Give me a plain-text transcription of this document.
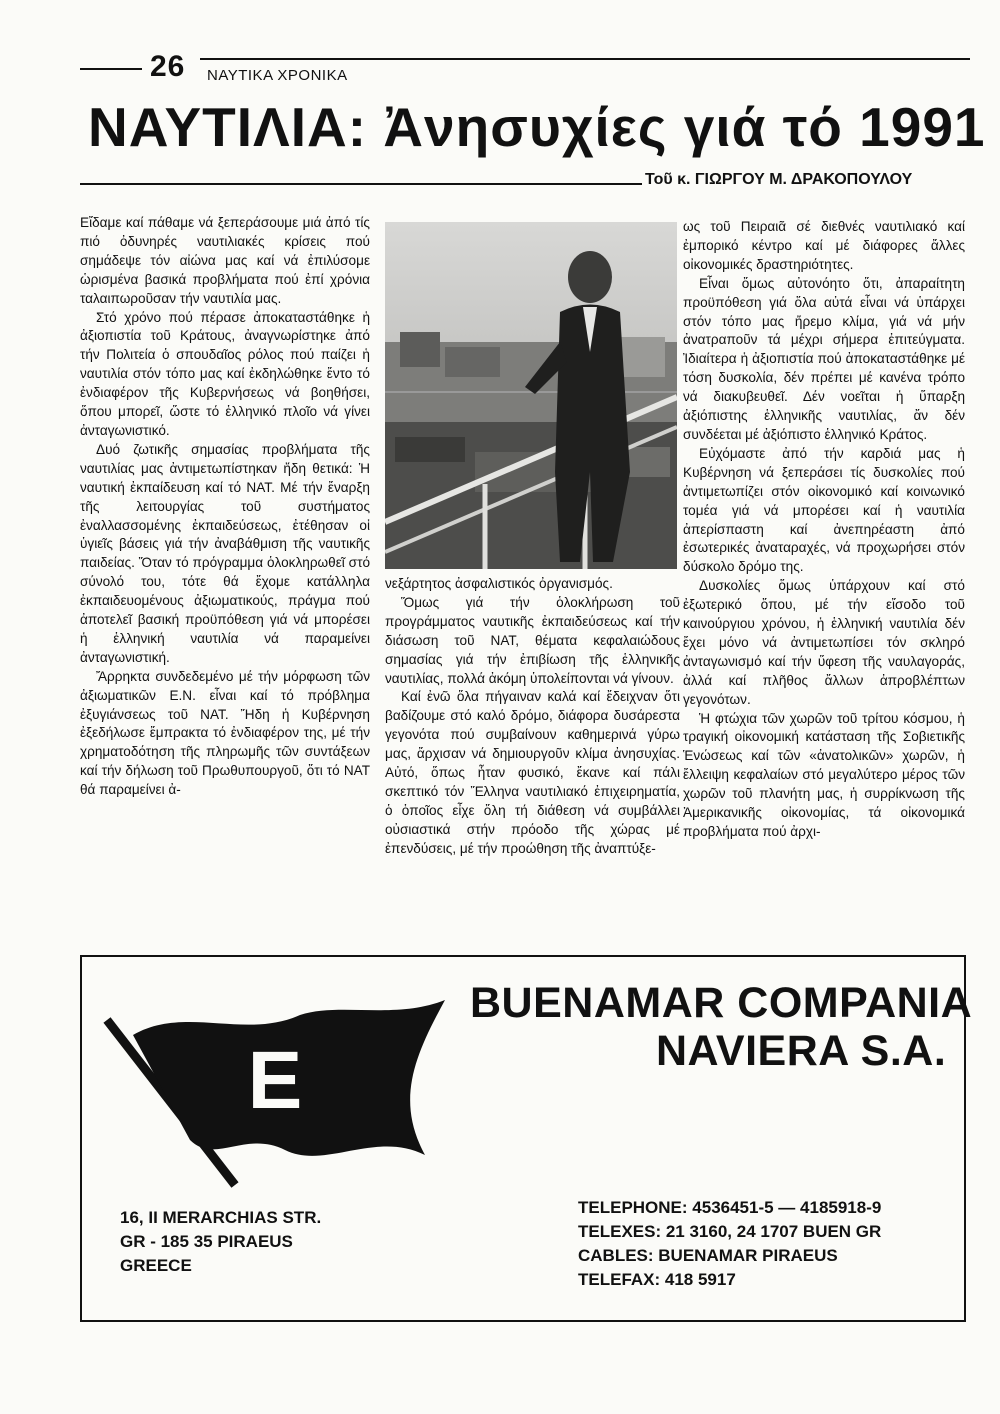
26 ΝΑΥΤΙΚΑ ΧΡΟΝΙΚΑ
ΝΑΥΤΙΛΙΑ: Ἀνησυχίες γιά τό 1991
Τοῦ κ. ΓΙΩΡΓΟΥ Μ. ΔΡΑΚΟΠΟΥΛΟΥ

Εἴδαμε καί πάθαμε νά ξεπεράσουμε μιά ἀπό τίς πιό ὀδυνηρές ναυτιλιακές κρίσεις πού σημάδεψε τόν αἰώνα μας καί νά ἐπιλύσομε ὡρισμένα βασικά προβλήματα πού ἐπί χρόνια ταλαιπωροῦσαν τήν ναυτιλία μας.

Στό χρόνο πού πέρασε ἀποκαταστάθηκε ἡ ἀξιοπιστία τοῦ Κράτους, ἀναγνωρίστηκε ἀπό τήν Πολιτεία ὁ σπουδαῖος ρόλος πού παίζει ἡ ναυτιλία στόν τόπο μας καί ἐκδηλώθηκε ἔντο τό ἐνδιαφέρον τῆς Κυβερνήσεως νά βοηθήσει, ὅπου μπορεῖ, ὥστε τό ἑλληνικό πλοῖο νά γίνει ἀνταγωνιστικό.

Δυό ζωτικῆς σημασίας προβλήματα τῆς ναυτιλίας μας ἀντιμετωπίστηκαν ἤδη θετικά: Ἡ ναυτική ἐκπαίδευση καί τό ΝΑΤ. Μέ τήν ἔναρξη τῆς λειτουργίας τοῦ συστήματος ἐναλλασσομένης ἐκπαιδεύσεως, ἐτέθησαν οἱ ὑγιεῖς βάσεις γιά τήν ἀναβάθμιση τῆς ναυτικῆς παιδείας. Ὅταν τό πρόγραμμα ὁλοκληρωθεῖ στό σύνολό του, τότε θά ἔχομε κατάλληλα ἐκπαιδευομένους ἀξιωματικούς, πράγμα πού ἀποτελεῖ βασική προϋπόθεση γιά νά μπορέσει ἡ ἑλληνική ναυτιλία νά παραμείνει ἀνταγωνιστική.

Ἄρρηκτα συνδεδεμένο μέ τήν μόρφωση τῶν ἀξιωματικῶν Ε.Ν. εἶναι καί τό πρόβλημα ἐξυγιάνσεως τοῦ ΝΑΤ. Ἤδη ἡ Κυβέρνηση ἐξεδήλωσε ἔμπρακτα τό ἐνδιαφέρον της, μέ τήν χρηματοδότηση τῆς πληρωμῆς τῶν συντάξεων καί τήν δήλωση τοῦ Πρωθυπουργοῦ, ὅτι τό ΝΑΤ θά παραμείνει ἀ-

νεξάρτητος ἀσφαλιστικός ὀργανισμός.

Ὅμως γιά τήν ὁλοκλήρωση τοῦ προγράμματος ναυτικῆς ἐκπαιδεύσεως καί τήν διάσωση τοῦ ΝΑΤ, θέματα κεφαλαιώδους σημασίας γιά τήν ἐπιβίωση τῆς ἑλληνικῆς ναυτιλίας, πολλά ἀκόμη ὑπολείπονται νά γίνουν.

Καί ἐνῶ ὅλα πήγαιναν καλά καί ἔδειχναν ὅτι βαδίζουμε στό καλό δρόμο, διάφορα δυσάρεστα γεγονότα πού συμβαίνουν καθημερινά γύρω μας, ἄρχισαν νά δημιουργοῦν κλίμα ἀνησυχίας. Αὐτό, ὅπως ἦταν φυσικό, ἔκανε καί πάλι σκεπτικό τόν Ἕλληνα ναυτιλιακό ἐπιχειρηματία, ὁ ὁποῖος εἶχε ὅλη τή διάθεση νά συμβάλλει οὐσιαστικά στήν πρόοδο τῆς χώρας μέ ἐπενδύσεις, μέ τήν προώθηση τῆς ἀναπτύξε-

ως τοῦ Πειραιᾶ σέ διεθνές ναυτιλιακό καί ἐμπορικό κέντρο καί μέ διάφορες ἄλλες οἰκονομικές δραστηριότητες.

Εἶναι ὅμως αὐτονόητο ὅτι, ἀπαραίτητη προϋπόθεση γιά ὅλα αὐτά εἶναι νά ὑπάρχει στόν τόπο μας ἤρεμο κλίμα, γιά νά μήν ἀνατραποῦν τά μέχρι σήμερα ἐπιτεύγματα. Ἰδιαίτερα ἡ ἀξιοπιστία πού ἀποκαταστάθηκε μέ τόση δυσκολία, δέν πρέπει μέ κανένα τρόπο νά διακυβευθεῖ. Δέν νοεῖται ἡ ὕπαρξη ἀξιόπιστης ἑλληνικῆς ναυτιλίας, ἄν δέν συνδέεται μέ ἀξιόπιστο ἑλληνικό Κράτος.

Εὐχόμαστε ἀπό τήν καρδιά μας ἡ Κυβέρνηση νά ξεπεράσει τίς δυσκολίες πού ἀντιμετωπίζει στόν οἰκονομικό καί κοινωνικό τομέα γιά νά μπορέσει καί ἡ ναυτιλία ἀπερίσπαστη καί ἀνεπηρέαστη ἀπό ἐσωτερικές ἀναταραχές, νά προχωρήσει στόν δύσκολο δρόμο της.

Δυσκολίες ὅμως ὑπάρχουν καί στό ἐξωτερικό ὅπου, μέ τήν εἴσοδο τοῦ καινούργιου χρόνου, ἡ ἑλληνική ναυτιλία δέν ἔχει μόνο νά ἀντιμετωπίσει τόν σκληρό ἀνταγωνισμό καί τήν ὕφεση τῆς ναυλαγοράς, ἀλλά καί πλῆθος ἄλλων ἀπροβλέπτων γεγονότων.

Ἡ φτώχια τῶν χωρῶν τοῦ τρίτου κόσμου, ἡ τραγική οἰκονομική κατάσταση τῆς Σοβιετικῆς Ἑνώσεως καί τῶν «ἀνατολικῶν» χωρῶν, ἡ ἔλλειψη κεφαλαίων στό μεγαλύτερο μέρος τῶν χωρῶν τοῦ πλανήτη μας, ἡ συρρίκνωση τῆς Ἀμερικανικῆς οἰκονομίας, τά οἰκονομικά προβλήματα πού ἀρχι-

E
BUENAMAR COMPANIA
NAVIERA S.A.
16, II MERARCHIAS STR.
GR - 185 35 PIRAEUS
GREECE
TELEPHONE: 4536451-5 — 4185918-9
TELEXES: 21 3160, 24 1707 BUEN GR
CABLES: BUENAMAR PIRAEUS
TELEFAX: 418 5917
